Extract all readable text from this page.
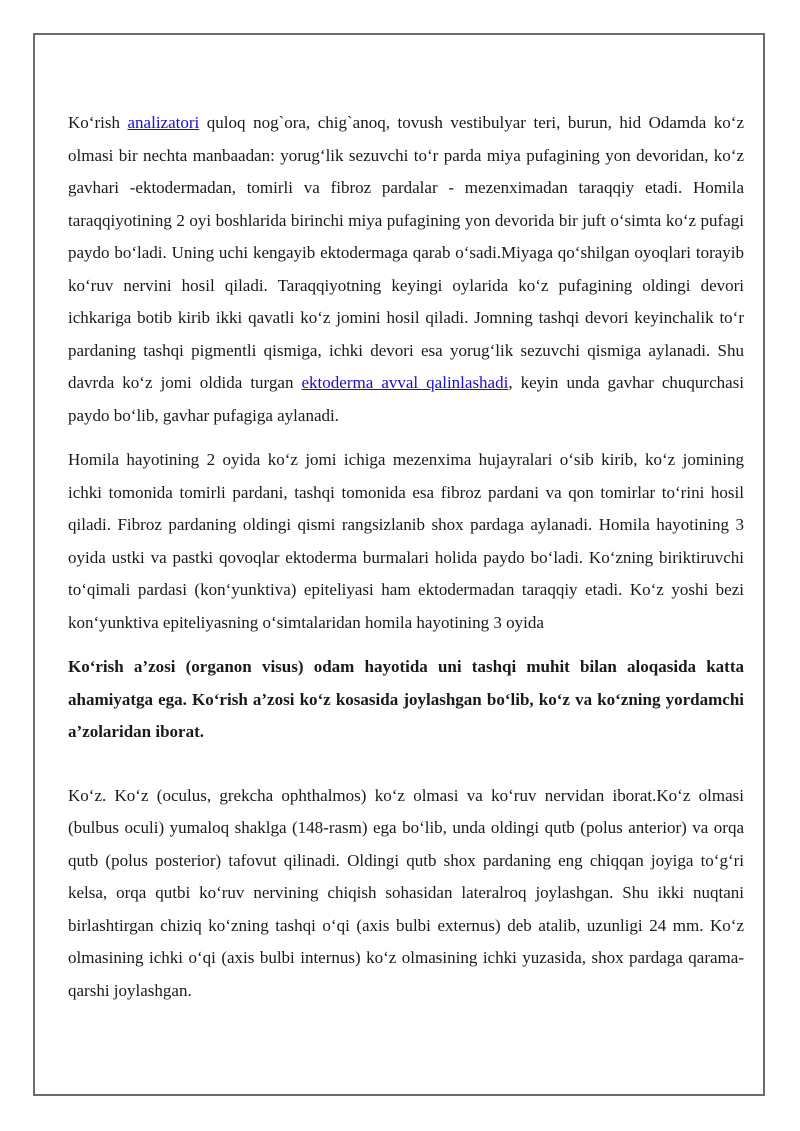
Ko‘rish analizatori quloq nog`ora, chig`anoq, tovush vestibulyar teri, burun, hid Odamda ko‘z olmasi bir nechta manbaadan: yorug‘lik sezuvchi to‘r parda miya pufagining yon devoridan, ko‘z gavhari -ektodermadan, tomirli va fibroz pardalar - mezenximadan taraqqiy etadi. Homila taraqqiyotining 2 oyi boshlarida birinchi miya pufagining yon devorida bir juft o‘simta ko‘z pufagi paydo bo‘ladi. Uning uchi kengayib ektodermaga qarab o‘sadi.Miyaga qo‘shilgan oyoqlari torayib ko‘ruv nervini hosil qiladi. Taraqqiyotning keyingi oylarida ko‘z pufagining oldingi devori ichkariga botib kirib ikki qavatli ko‘z jomini hosil qiladi. Jomning tashqi devori keyinchalik to‘r pardaning tashqi pigmentli qismiga, ichki devori esa yorug‘lik sezuvchi qismiga aylanadi. Shu davrda ko‘z jomi oldida turgan ektoderma avval qalinlashadi, keyin unda gavhar chuqurchasi paydo bo‘lib, gavhar pufagiga aylanadi.

Homila hayotining 2 oyida ko‘z jomi ichiga mezenxima hujayralari o‘sib kirib, ko‘z jomining ichki tomonida tomirli pardani, tashqi tomonida esa fibroz pardani va qon tomirlar to‘rini hosil qiladi. Fibroz pardaning oldingi qismi rangsizlanib shox pardaga aylanadi. Homila hayotining 3 oyida ustki va pastki qovoqlar ektoderma burmalari holida paydo bo‘ladi. Ko‘zning biriktiruvchi to‘qimali pardasi (kon‘yunktiva) epiteliyasi ham ektodermadan taraqqiy etadi. Ko‘z yoshi bezi kon‘yunktiva epiteliyasning o‘simtalaridan homila hayotining 3 oyida

Ko‘rish a’zosi (organon visus) odam hayotida uni tashqi muhit bilan aloqasida katta ahamiyatga ega. Ko‘rish a’zosi ko‘z kosasida joylashgan bo‘lib, ko‘z va ko‘zning yordamchi a’zolaridan iborat.

Ko‘z. Ko‘z (oculus, grekcha ophthalmos) ko‘z olmasi va ko‘ruv nervidan iborat.Ko‘z olmasi (bulbus oculi) yumaloq shaklga (148-rasm) ega bo‘lib, unda oldingi qutb (polus anterior) va orqa qutb (polus posterior) tafovut qilinadi. Oldingi qutb shox pardaning eng chiqqan joyiga to‘g‘ri kelsa, orqa qutbi ko‘ruv nervining chiqish sohasidan lateralroq joylashgan. Shu ikki nuqtani birlashtirgan chiziq ko‘zning tashqi o‘qi (axis bulbi externus) deb atalib, uzunligi 24 mm. Ko‘z olmasining ichki o‘qi (axis bulbi internus) ko‘z olmasining ichki yuzasida, shox pardaga qarama-qarshi joylashgan.
